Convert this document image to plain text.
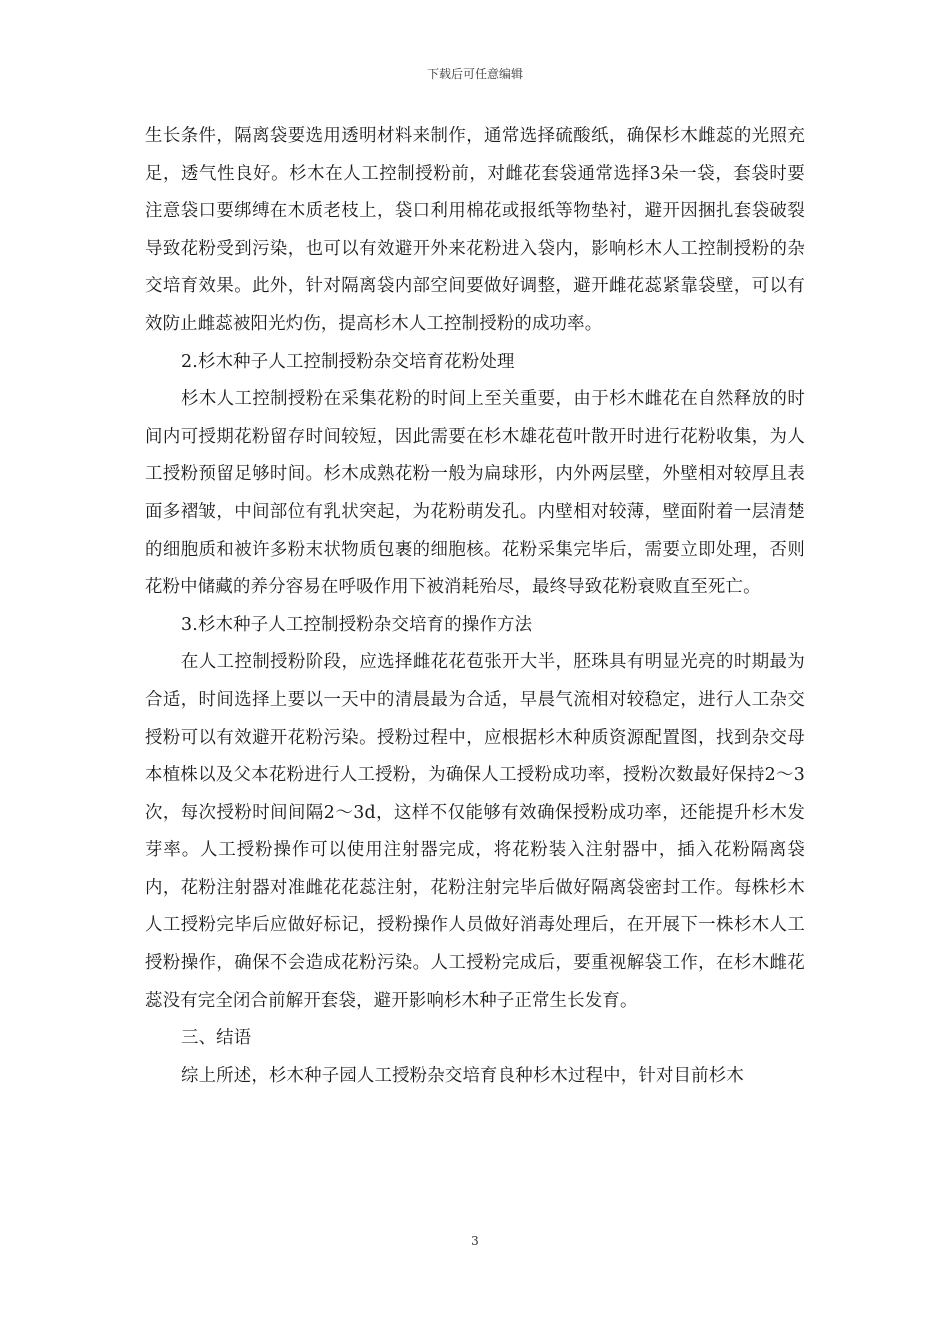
下载后可任意编辑

生长条件，隔离袋要选用透明材料来制作，通常选择硫酸纸，确保杉木雌蕊的光照充足，透气性良好。杉木在人工控制授粉前，对雌花套袋通常选择3朵一袋，套袋时要注意袋口要绑缚在木质老枝上，袋口利用棉花或报纸等物垫衬，避开因捆扎套袋破裂导致花粉受到污染，也可以有效避开外来花粉进入袋内，影响杉木人工控制授粉的杂交培育效果。此外，针对隔离袋内部空间要做好调整，避开雌花蕊紧靠袋壁，可以有效防止雌蕊被阳光灼伤，提高杉木人工控制授粉的成功率。

2.杉木种子人工控制授粉杂交培育花粉处理

杉木人工控制授粉在采集花粉的时间上至关重要，由于杉木雌花在自然释放的时间内可授期花粉留存时间较短，因此需要在杉木雄花苞叶散开时进行花粉收集，为人工授粉预留足够时间。杉木成熟花粉一般为扁球形，内外两层壁，外壁相对较厚且表面多褶皱，中间部位有乳状突起，为花粉萌发孔。内壁相对较薄，壁面附着一层清楚的细胞质和被许多粉末状物质包裹的细胞核。花粉采集完毕后，需要立即处理，否则花粉中储藏的养分容易在呼吸作用下被消耗殆尽，最终导致花粉衰败直至死亡。

3.杉木种子人工控制授粉杂交培育的操作方法

在人工控制授粉阶段，应选择雌花花苞张开大半，胚珠具有明显光亮的时期最为合适，时间选择上要以一天中的清晨最为合适，早晨气流相对较稳定，进行人工杂交授粉可以有效避开花粉污染。授粉过程中，应根据杉木种质资源配置图，找到杂交母本植株以及父本花粉进行人工授粉，为确保人工授粉成功率，授粉次数最好保持2～3次，每次授粉时间间隔2～3d，这样不仅能够有效确保授粉成功率，还能提升杉木发芽率。人工授粉操作可以使用注射器完成，将花粉装入注射器中，插入花粉隔离袋内，花粉注射器对准雌花花蕊注射，花粉注射完毕后做好隔离袋密封工作。每株杉木人工授粉完毕后应做好标记，授粉操作人员做好消毒处理后，在开展下一株杉木人工授粉操作，确保不会造成花粉污染。人工授粉完成后，要重视解袋工作，在杉木雌花蕊没有完全闭合前解开套袋，避开影响杉木种子正常生长发育。

三、结语

综上所述，杉木种子园人工授粉杂交培育良种杉木过程中，针对目前杉木

3
